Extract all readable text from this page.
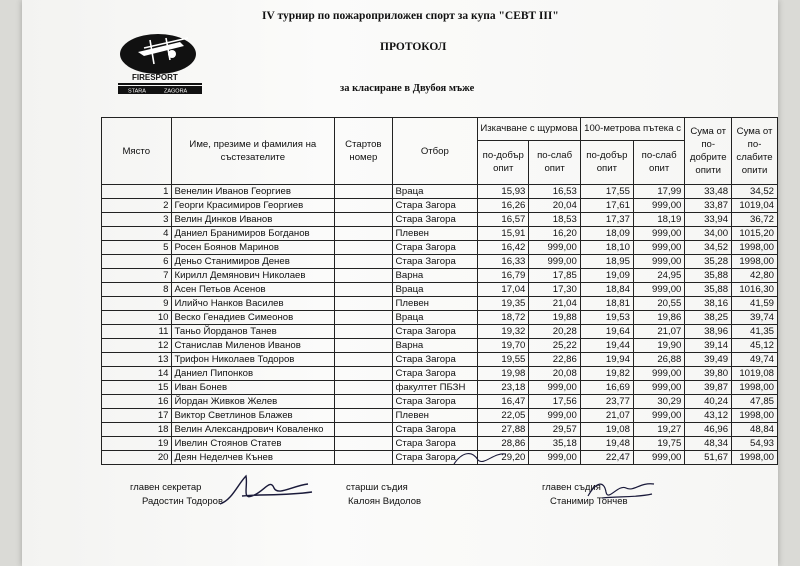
IV турнир по пожароприложен спорт за купа "СЕВТ III"
ПРОТОКОЛ
за класиране в Двубоя мъже
FIRESPORT
STARA	ZAGORA
Място	Име, презиме и фамилия на състезателите	Стартов номер	Отбор	Изкачване с щурмова		100-метрова пътека с		Сума от по-добрите опити	Сума от по-слабите опити
				по-добър опит	по-слаб опит	по-добър опит	по-слаб опит		
1	Венелин Иванов Георгиев		Враца	15,93	16,53	17,55	17,99	33,48	34,52
2	Георги Красимиров Георгиев		Стара Загора	16,26	20,04	17,61	999,00	33,87	1019,04
3	Велин Динков Иванов		Стара Загора	16,57	18,53	17,37	18,19	33,94	36,72
4	Даниел Бранимиров Богданов		Плевен	15,91	16,20	18,09	999,00	34,00	1015,20
5	Росен Боянов Маринов		Стара Загора	16,42	999,00	18,10	999,00	34,52	1998,00
6	Деньо Станимиров Денев		Стара Загора	16,33	999,00	18,95	999,00	35,28	1998,00
7	Кирилл Демянович Николаев		Варна	16,79	17,85	19,09	24,95	35,88	42,80
8	Асен Петьов Асенов		Враца	17,04	17,30	18,84	999,00	35,88	1016,30
9	Илийчо Нанков Василев		Плевен	19,35	21,04	18,81	20,55	38,16	41,59
10	Веско Генадиев Симеонов		Враца	18,72	19,88	19,53	19,86	38,25	39,74
11	Таньо Йорданов Танев		Стара Загора	19,32	20,28	19,64	21,07	38,96	41,35
12	Станислав Миленов Иванов		Варна	19,70	25,22	19,44	19,90	39,14	45,12
13	Трифон Николаев Тодоров		Стара Загора	19,55	22,86	19,94	26,88	39,49	49,74
14	Даниел Пипонков		Стара Загора	19,98	20,08	19,82	999,00	39,80	1019,08
15	Иван Бонев		факултет ПБЗН	23,18	999,00	16,69	999,00	39,87	1998,00
16	Йордан Живков Желев		Стара Загора	16,47	17,56	23,77	30,29	40,24	47,85
17	Виктор Светлинов Блажев		Плевен	22,05	999,00	21,07	999,00	43,12	1998,00
18	Велин Александрович Коваленко		Стара Загора	27,88	29,57	19,08	19,27	46,96	48,84
19	Ивелин Стоянов Статев		Стара Загора	28,86	35,18	19,48	19,75	48,34	54,93
20	Деян Неделчев Кънев		Стара Загора	29,20	999,00	22,47	999,00	51,67	1998,00
главен секретар
Радостин Тодоров
старши съдия
Калоян Видолов
главен съдия
Станимир Тончев
